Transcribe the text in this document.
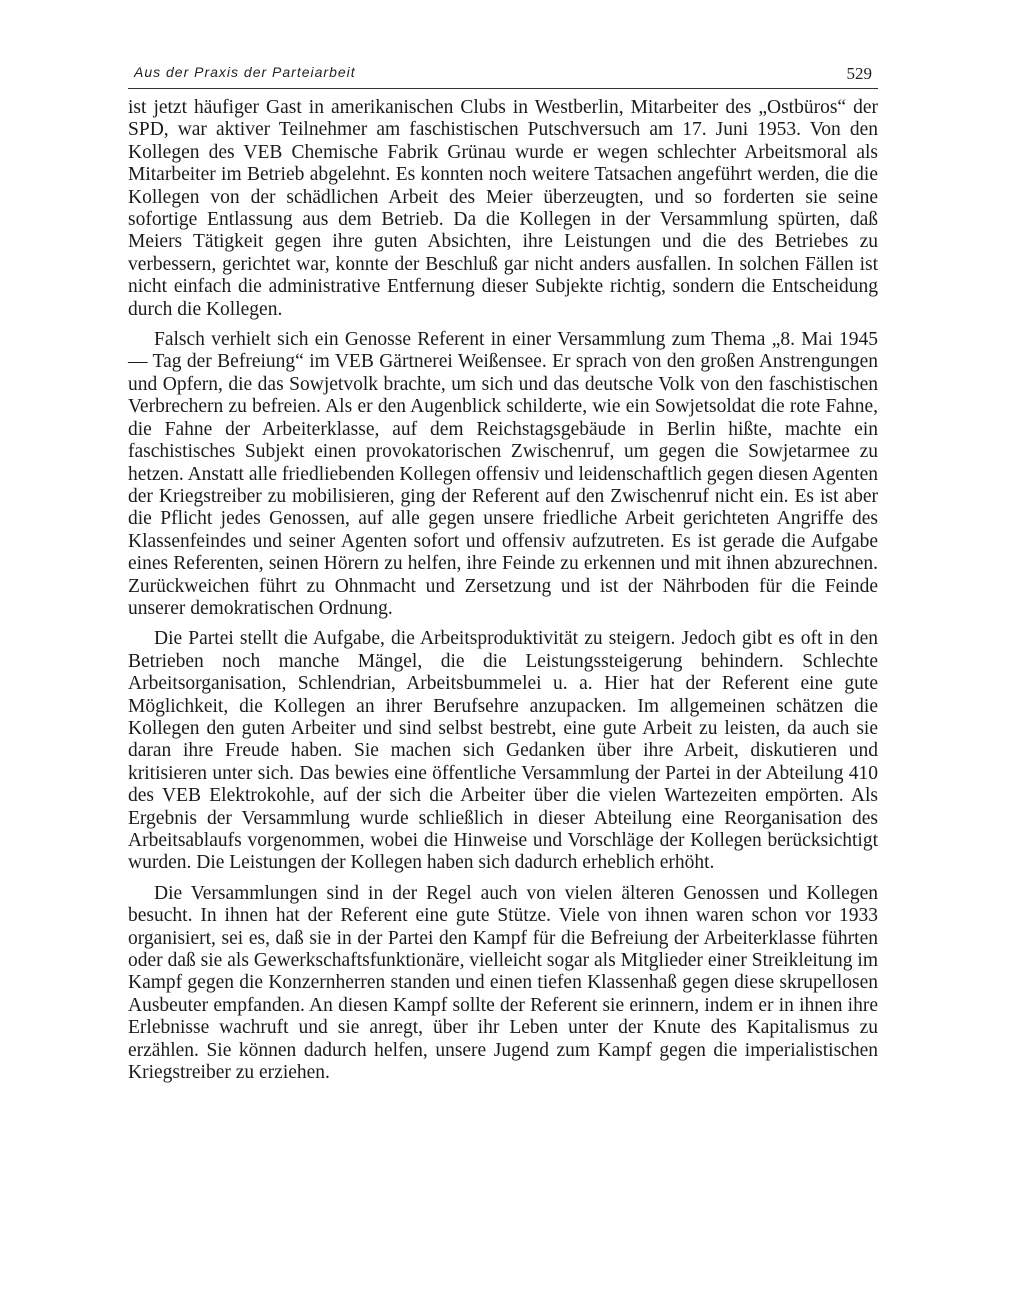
Aus der Praxis der Parteiarbeit	529

ist jetzt häufiger Gast in amerikanischen Clubs in Westberlin, Mitarbeiter des „Ostbüros“ der SPD, war aktiver Teilnehmer am faschistischen Putschversuch am 17. Juni 1953. Von den Kollegen des VEB Chemische Fabrik Grünau wurde er wegen schlechter Arbeitsmoral als Mitarbeiter im Betrieb abgelehnt. Es konnten noch weitere Tatsachen angeführt werden, die die Kollegen von der schädlichen Arbeit des Meier überzeugten, und so forderten sie seine sofortige Entlassung aus dem Betrieb. Da die Kollegen in der Versammlung spürten, daß Meiers Tätigkeit gegen ihre guten Absichten, ihre Leistungen und die des Betriebes zu verbessern, gerichtet war, konnte der Beschluß gar nicht anders ausfallen. In solchen Fällen ist nicht einfach die administrative Entfernung dieser Subjekte richtig, sondern die Entscheidung durch die Kollegen.

Falsch verhielt sich ein Genosse Referent in einer Versammlung zum Thema „8. Mai 1945 — Tag der Befreiung“ im VEB Gärtnerei Weißensee. Er sprach von den großen Anstrengungen und Opfern, die das Sowjetvolk brachte, um sich und das deutsche Volk von den faschistischen Verbrechern zu befreien. Als er den Augenblick schilderte, wie ein Sowjetsoldat die rote Fahne, die Fahne der Arbeiterklasse, auf dem Reichstagsgebäude in Berlin hißte, machte ein faschistisches Subjekt einen provokatorischen Zwischenruf, um gegen die Sowjetarmee zu hetzen. Anstatt alle friedliebenden Kollegen offensiv und leidenschaftlich gegen diesen Agenten der Kriegstreiber zu mobilisieren, ging der Referent auf den Zwischenruf nicht ein. Es ist aber die Pflicht jedes Genossen, auf alle gegen unsere friedliche Arbeit gerichteten Angriffe des Klassenfeindes und seiner Agenten sofort und offensiv aufzutreten. Es ist gerade die Aufgabe eines Referenten, seinen Hörern zu helfen, ihre Feinde zu erkennen und mit ihnen abzurechnen. Zurückweichen führt zu Ohnmacht und Zersetzung und ist der Nährboden für die Feinde unserer demokratischen Ordnung.

Die Partei stellt die Aufgabe, die Arbeitsproduktivität zu steigern. Jedoch gibt es oft in den Betrieben noch manche Mängel, die die Leistungssteigerung behindern. Schlechte Arbeitsorganisation, Schlendrian, Arbeitsbummelei u. a. Hier hat der Referent eine gute Möglichkeit, die Kollegen an ihrer Berufsehre anzupacken. Im allgemeinen schätzen die Kollegen den guten Arbeiter und sind selbst bestrebt, eine gute Arbeit zu leisten, da auch sie daran ihre Freude haben. Sie machen sich Gedanken über ihre Arbeit, diskutieren und kritisieren unter sich. Das bewies eine öffentliche Versammlung der Partei in der Abteilung 410 des VEB Elektrokohle, auf der sich die Arbeiter über die vielen Wartezeiten empörten. Als Ergebnis der Versammlung wurde schließlich in dieser Abteilung eine Reorganisation des Arbeitsablaufs vorgenommen, wobei die Hinweise und Vorschläge der Kollegen berücksichtigt wurden. Die Leistungen der Kollegen haben sich dadurch erheblich erhöht.

Die Versammlungen sind in der Regel auch von vielen älteren Genossen und Kollegen besucht. In ihnen hat der Referent eine gute Stütze. Viele von ihnen waren schon vor 1933 organisiert, sei es, daß sie in der Partei den Kampf für die Befreiung der Arbeiterklasse führten oder daß sie als Gewerkschaftsfunktionäre, vielleicht sogar als Mitglieder einer Streikleitung im Kampf gegen die Konzernherren standen und einen tiefen Klassenhaß gegen diese skrupellosen Ausbeuter empfanden. An diesen Kampf sollte der Referent sie erinnern, indem er in ihnen ihre Erlebnisse wachruft und sie anregt, über ihr Leben unter der Knute des Kapitalismus zu erzählen. Sie können dadurch helfen, unsere Jugend zum Kampf gegen die imperialistischen Kriegstreiber zu erziehen.
